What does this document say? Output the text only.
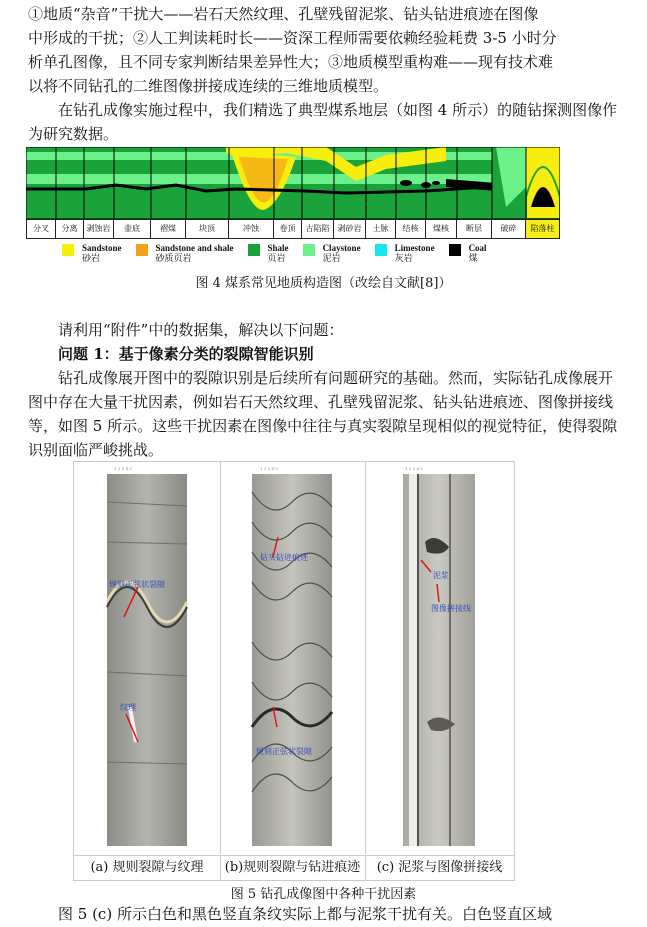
①地质“杂音”干扰大——岩石天然纹理、孔壁残留泥浆、钻头钻进痕迹在图像

中形成的干扰；②人工判读耗时长——资深工程师需要依赖经验耗费 3-5 小时分

析单孔图像，且不同专家判断结果差异性大；③地质模型重构难——现有技术难

以将不同钻孔的二维图像拼接成连续的三维地质模型。

在钻孔成像实施过程中，我们精选了典型煤系地层（如图 4 所示）的随钻探测图像作为研究数据。

分叉	分离	剥蚀岩	壶底	褶煤	块顶	冲蚀	卷顶	古陷陷	剥砂岩	土脉	结核	煤核	断层	破碎	陷落柱
Sandstone
砂岩
Sandstone and shale
砂质页岩
Shale
页岩
Claystone
泥岩
Limestone
灰岩
Coal
煤
图 4 煤系常见地质构造图（改绘自文献[8]）

请利用“附件”中的数据集，解决以下问题：

问题 1：基于像素分类的裂隙智能识别

钻孔成像展开图中的裂隙识别是后续所有问题研究的基础。然而，实际钻孔成像展开图中存在大量干扰因素，例如岩石天然纹理、孔壁残留泥浆、钻头钻进痕迹、图像拼接线等，如图 5 所示。这些干扰因素在图像中往往与真实裂隙呈现相似的视觉特征，使得裂隙识别面临严峻挑战。

1 2 3 4 5
规则正弦状裂隙
纹理
1 2 3 4 5
钻头钻进痕迹
规则正弦状裂隙
1 2 3 4 5
泥浆
图像拼接线
(a) 规则裂隙与纹理	(b)规则裂隙与钻进痕迹	(c) 泥浆与图像拼接线
图 5 钻孔成像图中各种干扰因素

图 5 (c) 所示白色和黑色竖直条纹实际上都与泥浆干扰有关。白色竖直区域
